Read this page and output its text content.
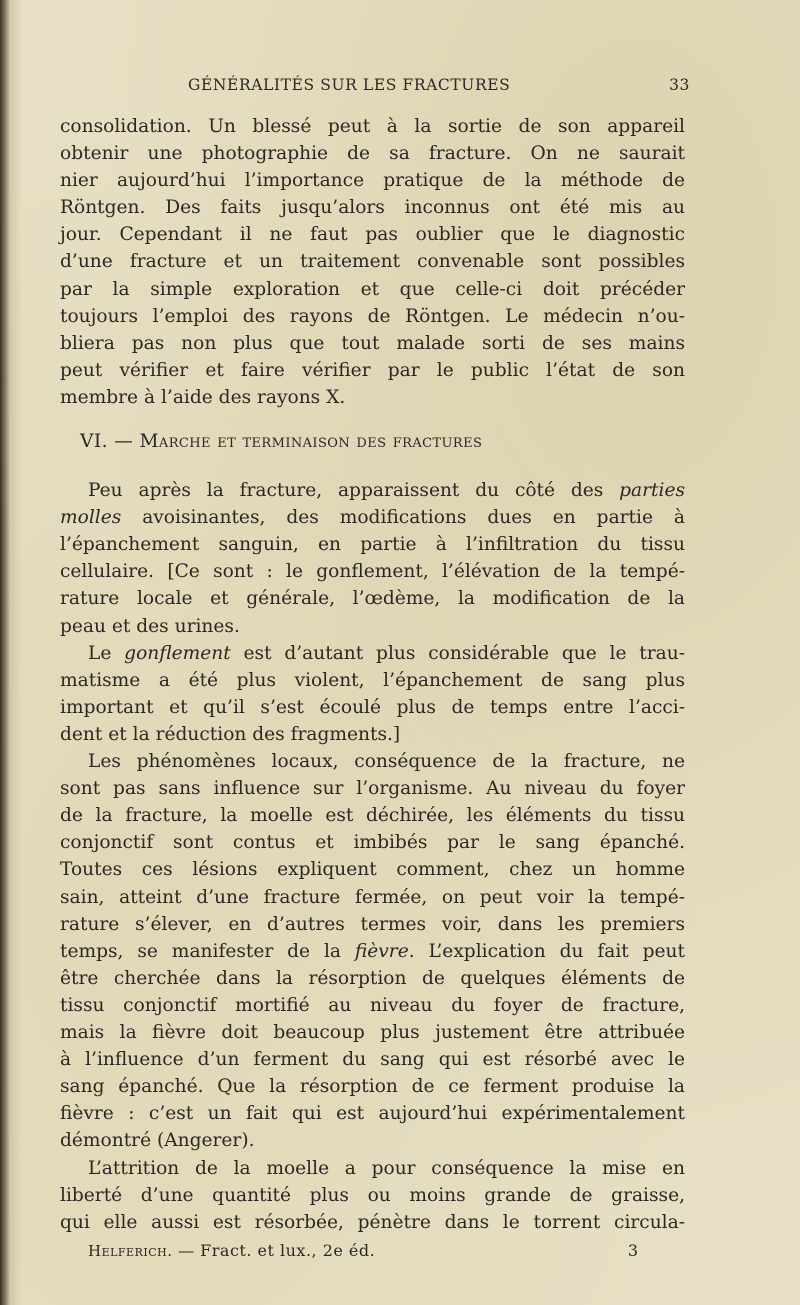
GÉNÉRALITÉS SUR LES FRACTURES	33
consolidation. Un blessé peut à la sortie de son appareil
obtenir une photographie de sa fracture. On ne saurait
nier aujourd’hui l’importance pratique de la méthode de
Röntgen. Des faits jusqu’alors inconnus ont été mis au
jour. Cependant il ne faut pas oublier que le diagnostic
d’une fracture et un traitement convenable sont possibles
par la simple exploration et que celle-ci doit précéder
toujours l’emploi des rayons de Röntgen. Le médecin n’ou-
bliera pas non plus que tout malade sorti de ses mains
peut vérifier et faire vérifier par le public l’état de son
membre à l’aide des rayons X.
VI. — Marche et terminaison des fractures
Peu après la fracture, apparaissent du côté des parties
molles avoisinantes, des modifications dues en partie à
l’épanchement sanguin, en partie à l’infiltration du tissu
cellulaire. [Ce sont : le gonflement, l’élévation de la tempé-
rature locale et générale, l’œdème, la modification de la
peau et des urines.
Le gonflement est d’autant plus considérable que le trau-
matisme a été plus violent, l’épanchement de sang plus
important et qu’il s’est écoulé plus de temps entre l’acci-
dent et la réduction des fragments.]
Les phénomènes locaux, conséquence de la fracture, ne
sont pas sans influence sur l’organisme. Au niveau du foyer
de la fracture, la moelle est déchirée, les éléments du tissu
conjonctif sont contus et imbibés par le sang épanché.
Toutes ces lésions expliquent comment, chez un homme
sain, atteint d’une fracture fermée, on peut voir la tempé-
rature s’élever, en d’autres termes voir, dans les premiers
temps, se manifester de la fièvre. L’explication du fait peut
être cherchée dans la résorption de quelques éléments de
tissu conjonctif mortifié au niveau du foyer de fracture,
mais la fièvre doit beaucoup plus justement être attribuée
à l’influence d’un ferment du sang qui est résorbé avec le
sang épanché. Que la résorption de ce ferment produise la
fièvre : c’est un fait qui est aujourd’hui expérimentalement
démontré (Angerer).
L’attrition de la moelle a pour conséquence la mise en
liberté d’une quantité plus ou moins grande de graisse,
qui elle aussi est résorbée, pénètre dans le torrent circula-
Helferich. — Fract. et lux., 2e éd.	3
